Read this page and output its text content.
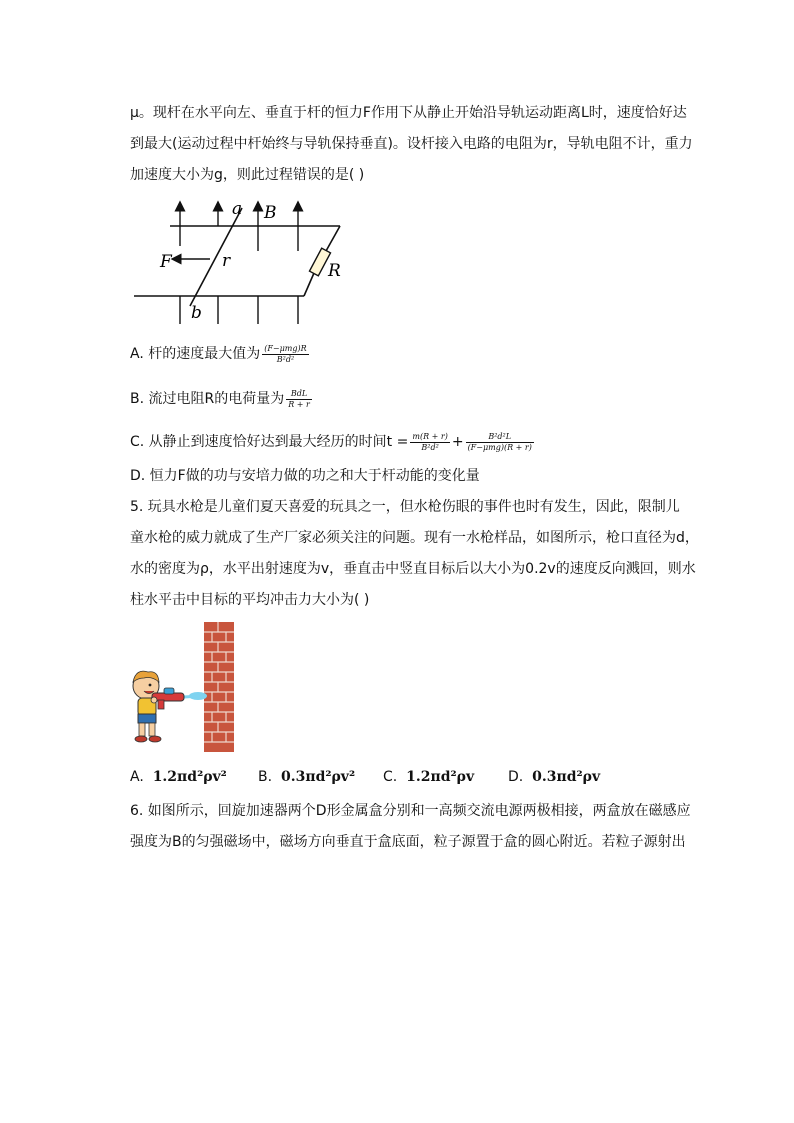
μ。现杆在水平向左、垂直于杆的恒力F作用下从静止开始沿导轨运动距离L时，速度恰好达
到最大(运动过程中杆始终与导轨保持垂直)。设杆接入电路的电阻为r，导轨电阻不计，重力
加速度大小为g，则此过程错误的是( )
a B
F	r	R
b
A. 杆的速度最大值为 $\frac{\text{(F−μmg)R}}{\text{B²d²}}$
B. 流过电阻R的电荷量为 $\frac{\text{BdL}}{R + r}$
C. 从静止到速度恰好达到最大经历的时间$t = \frac{m(R + r)}{\text{B²d²}} + \frac{\text{B²d²L}}{\text{(F−μmg)(R + r)}}$
D. 恒力F做的功与安培力做的功之和大于杆动能的变化量
5. 玩具水枪是儿童们夏天喜爱的玩具之一，但水枪伤眼的事件也时有发生，因此，限制儿
童水枪的威力就成了生产厂家必须关注的问题。现有一水枪样品，如图所示，枪口直径为d，
水的密度为ρ，水平出射速度为v，垂直击中竖直目标后以大小为0.2v的速度反向溅回，则水
柱水平击中目标的平均冲击力大小为( )
A. 1.2πd²ρv² B. 0.3πd²ρv² C. 1.2πd²ρv D. 0.3πd²ρv
6. 如图所示，回旋加速器两个D形金属盒分别和一高频交流电源两极相接，两盒放在磁感应
强度为B的匀强磁场中，磁场方向垂直于盒底面，粒子源置于盒的圆心附近。若粒子源射出
